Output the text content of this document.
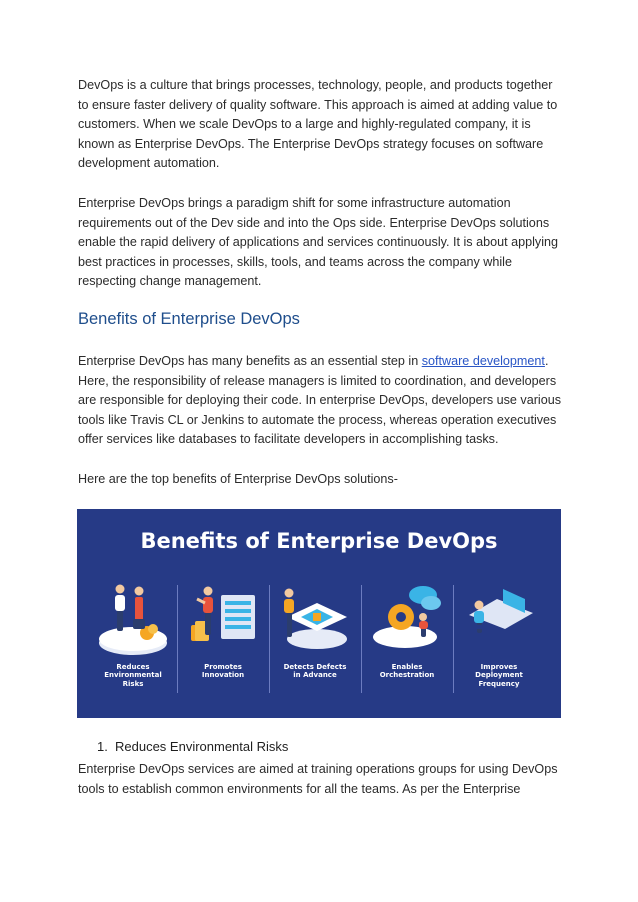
DevOps is a culture that brings processes, technology, people, and products together to ensure faster delivery of quality software. This approach is aimed at adding value to customers. When we scale DevOps to a large and highly-regulated company, it is known as Enterprise DevOps. The Enterprise DevOps strategy focuses on software development automation.

Enterprise DevOps brings a paradigm shift for some infrastructure automation requirements out of the Dev side and into the Ops side. Enterprise DevOps solutions enable the rapid delivery of applications and services continuously. It is about applying best practices in processes, skills, tools, and teams across the company while respecting change management.

Benefits of Enterprise DevOps

Enterprise DevOps has many benefits as an essential step in software development. Here, the responsibility of release managers is limited to coordination, and developers are responsible for deploying their code. In enterprise DevOps, developers use various tools like Travis CL or Jenkins to automate the process, whereas operation executives offer services like databases to facilitate developers in accomplishing tasks.

Here are the top benefits of Enterprise DevOps solutions-

Benefits of Enterprise DevOps
Reduces
Environmental
Risks
Promotes
Innovation
Detects Defects
in Advance
Enables
Orchestration
Improves
Deployment
Frequency
1. Reduces Environmental Risks

Enterprise DevOps services are aimed at training operations groups for using DevOps tools to establish common environments for all the teams. As per the Enterprise
